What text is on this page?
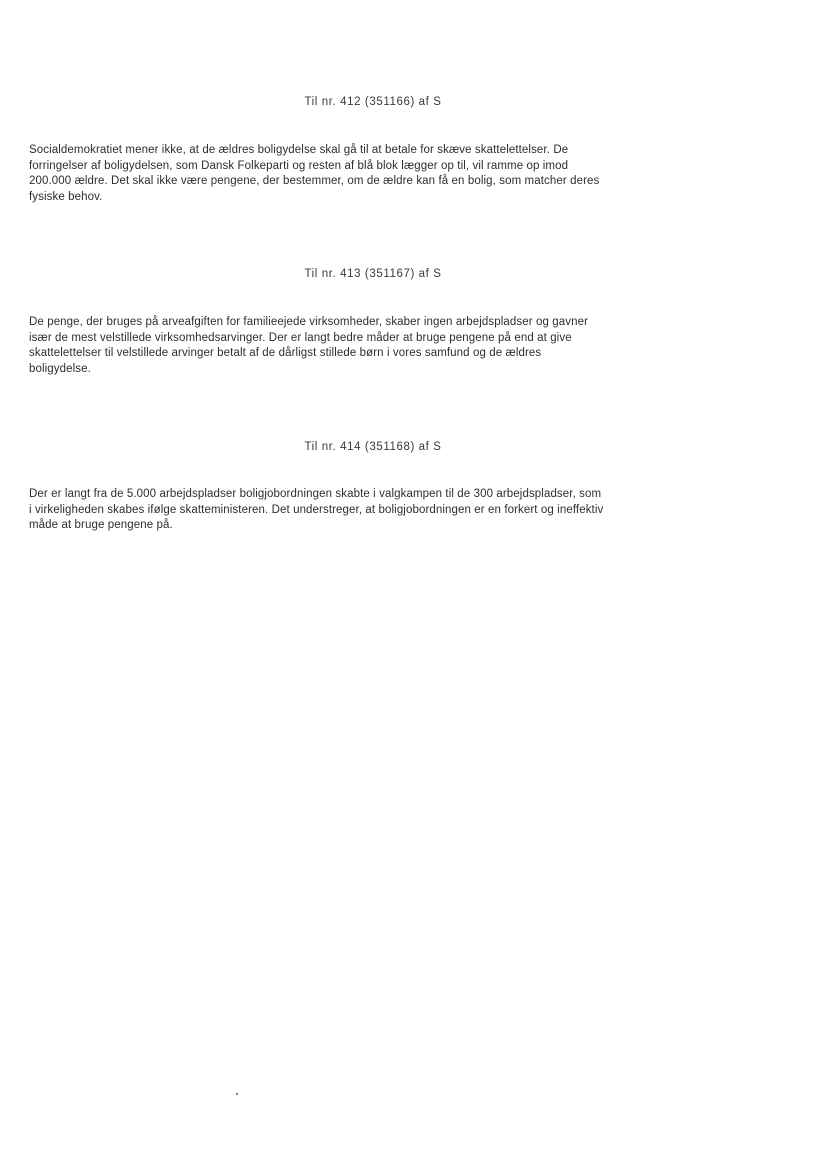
Til nr. 412 (351166) af S
Socialdemokratiet mener ikke, at de ældres boligydelse skal gå til at betale for skæve skattelettelser. De
forringelser af boligydelsen, som Dansk Folkeparti og resten af blå blok lægger op til, vil ramme op imod
200.000 ældre. Det skal ikke være pengene, der bestemmer, om de ældre kan få en bolig, som matcher deres
fysiske behov.
Til nr. 413 (351167) af S
De penge, der bruges på arveafgiften for familieejede virksomheder, skaber ingen arbejdspladser og gavner
især de mest velstillede virksomhedsarvinger. Der er langt bedre måder at bruge pengene på end at give
skattelettelser til velstillede arvinger betalt af de dårligst stillede børn i vores samfund og de ældres
boligydelse.
Til nr. 414 (351168) af S
Der er langt fra de 5.000 arbejdspladser boligjobordningen skabte i valgkampen til de 300 arbejdspladser, som
i virkeligheden skabes ifølge skatteministeren. Det understreger, at boligjobordningen er en forkert og ineffektiv
måde at bruge pengene på.
